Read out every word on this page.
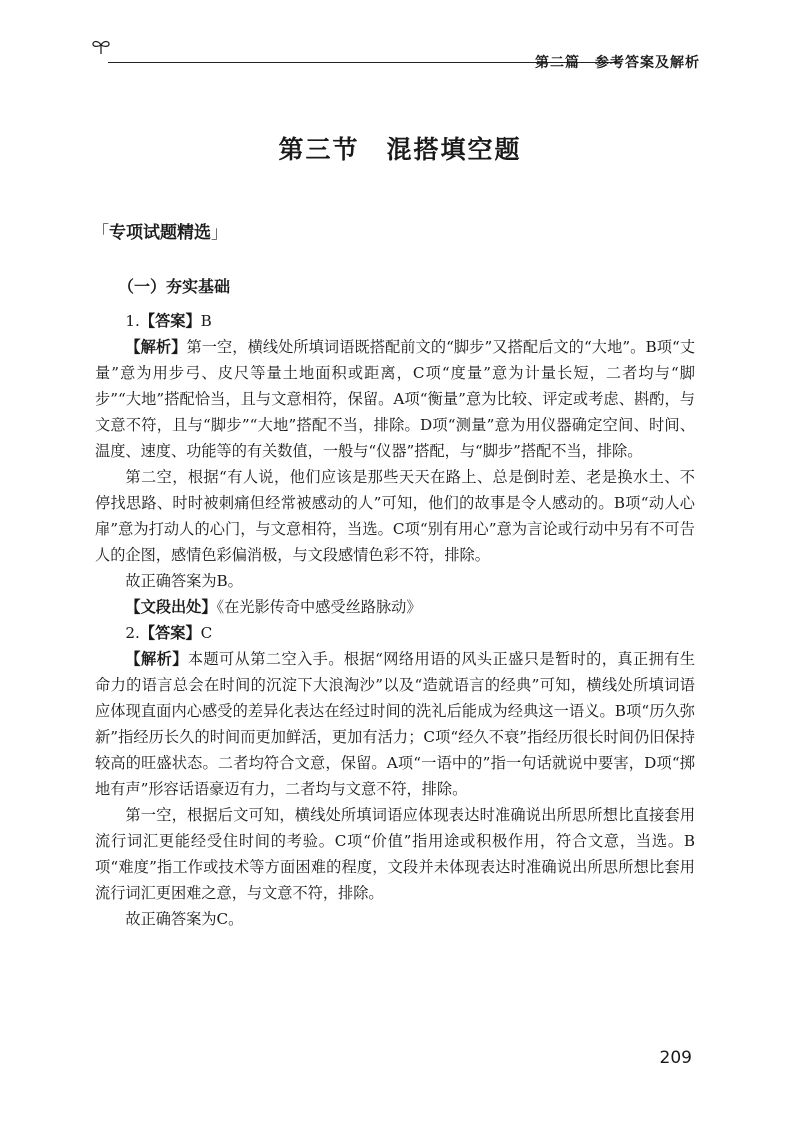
第二篇　参考答案及解析
第三节　混搭填空题
「专项试题精选」
（一）夯实基础

1.【答案】B

【解析】第一空，横线处所填词语既搭配前文的“脚步”又搭配后文的“大地”。B项“丈量”意为用步弓、皮尺等量土地面积或距离，C项“度量”意为计量长短，二者均与“脚步”“大地”搭配恰当，且与文意相符，保留。A项“衡量”意为比较、评定或考虑、斟酌，与文意不符，且与“脚步”“大地”搭配不当，排除。D项“测量”意为用仪器确定空间、时间、温度、速度、功能等的有关数值，一般与“仪器”搭配，与“脚步”搭配不当，排除。

第二空，根据“有人说，他们应该是那些天天在路上、总是倒时差、老是换水土、不停找思路、时时被刺痛但经常被感动的人”可知，他们的故事是令人感动的。B项“动人心扉”意为打动人的心门，与文意相符，当选。C项“别有用心”意为言论或行动中另有不可告人的企图，感情色彩偏消极，与文段感情色彩不符，排除。

故正确答案为B。

【文段出处】《在光影传奇中感受丝路脉动》

2.【答案】C

【解析】本题可从第二空入手。根据“网络用语的风头正盛只是暂时的，真正拥有生命力的语言总会在时间的沉淀下大浪淘沙”以及“造就语言的经典”可知，横线处所填词语应体现直面内心感受的差异化表达在经过时间的洗礼后能成为经典这一语义。B项“历久弥新”指经历长久的时间而更加鲜活，更加有活力；C项“经久不衰”指经历很长时间仍旧保持较高的旺盛状态。二者均符合文意，保留。A项“一语中的”指一句话就说中要害，D项“掷地有声”形容话语豪迈有力，二者均与文意不符，排除。

第一空，根据后文可知，横线处所填词语应体现表达时准确说出所思所想比直接套用流行词汇更能经受住时间的考验。C项“价值”指用途或积极作用，符合文意，当选。B项“难度”指工作或技术等方面困难的程度，文段并未体现表达时准确说出所思所想比套用流行词汇更困难之意，与文意不符，排除。

故正确答案为C。

209
